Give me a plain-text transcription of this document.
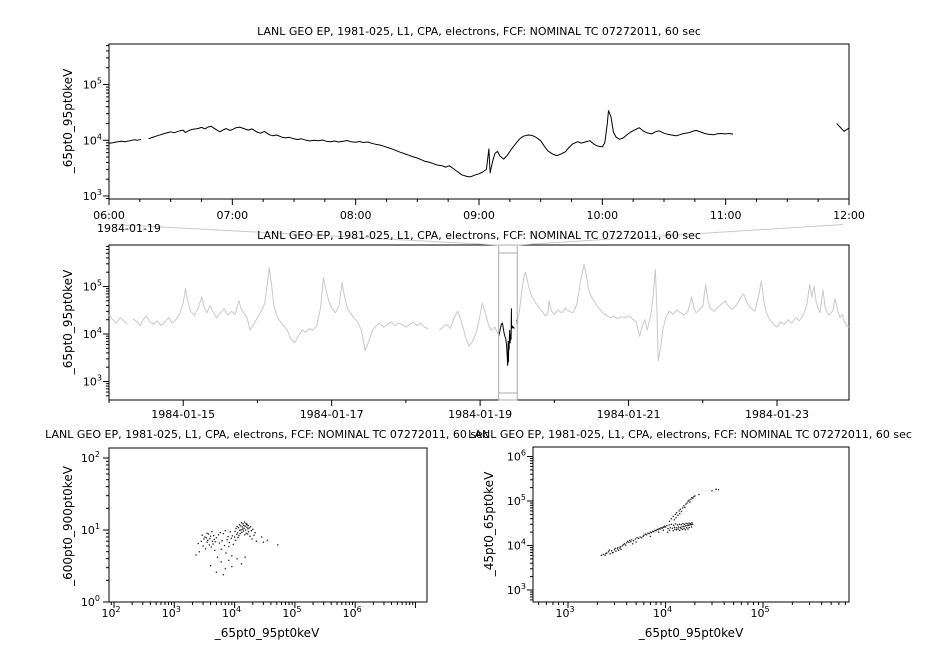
$10^3$
$10^4$
$10^5$
06:00	07:00	08:00	09:00	10:00	11:00	12:00
$10^3$
$10^4$
$10^5$
1984-01-15	1984-01-17	1984-01-19	1984-01-21	1984-01-23
$10^0$
$10^1$
$10^2$
$10^2$	$10^3$	$10^4$	$10^5$	$10^6$
$10^3$
$10^4$
$10^5$
$10^6$
$10^3$	$10^4$	$10^5$
LANL GEO EP, 1981-025, L1, CPA, electrons, FCF: NOMINAL TC 07272011, 60 sec
LANL GEO EP, 1981-025, L1, CPA, electrons, FCF: NOMINAL TC 07272011, 60 sec
LANL GEO EP, 1981-025, L1, CPA, electrons, FCF: NOMINAL TC 07272011, 60 sec
LANL GEO EP, 1981-025, L1, CPA, electrons, FCF: NOMINAL TC 07272011, 60 sec
1984-01-19
_65pt0_95pt0keV
_65pt0_95pt0keV
_600pt0_900pt0keV	_45pt0_65pt0keV
_65pt0_95pt0keV	_65pt0_95pt0keV
